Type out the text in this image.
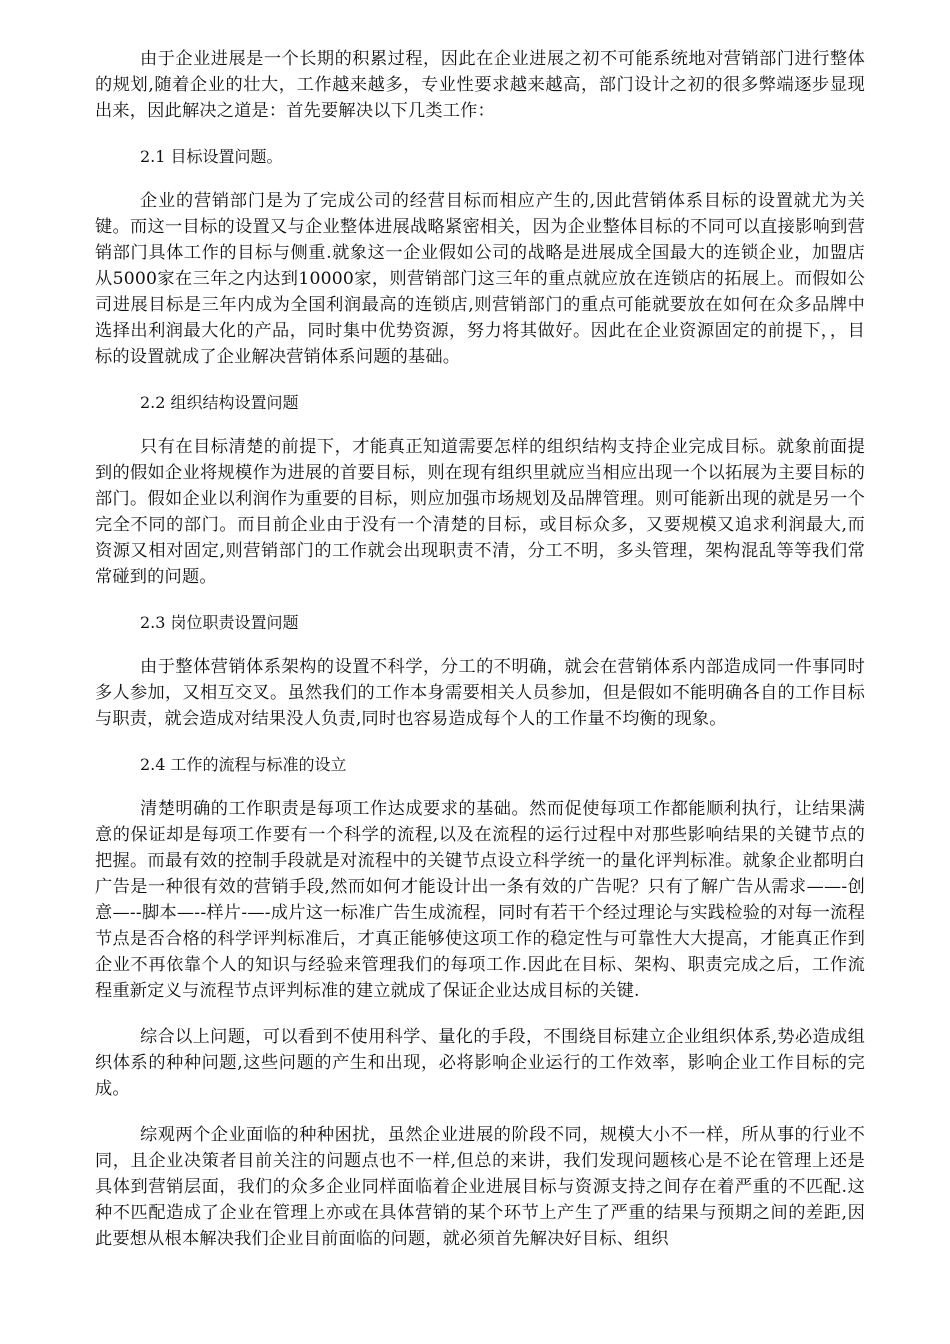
由于企业进展是一个长期的积累过程，因此在企业进展之初不可能系统地对营销部门进行整体的规划,随着企业的壮大，工作越来越多，专业性要求越来越高，部门设计之初的很多弊端逐步显现出来，因此解决之道是：首先要解决以下几类工作：

2.1 目标设置问题。

企业的营销部门是为了完成公司的经营目标而相应产生的,因此营销体系目标的设置就尤为关键。而这一目标的设置又与企业整体进展战略紧密相关，因为企业整体目标的不同可以直接影响到营销部门具体工作的目标与侧重.就象这一企业假如公司的战略是进展成全国最大的连锁企业，加盟店从5000家在三年之内达到10000家，则营销部门这三年的重点就应放在连锁店的拓展上。而假如公司进展目标是三年内成为全国利润最高的连锁店,则营销部门的重点可能就要放在如何在众多品牌中选择出利润最大化的产品，同时集中优势资源，努力将其做好。因此在企业资源固定的前提下，，目标的设置就成了企业解决营销体系问题的基础。

2.2 组织结构设置问题

只有在目标清楚的前提下，才能真正知道需要怎样的组织结构支持企业完成目标。就象前面提到的假如企业将规模作为进展的首要目标，则在现有组织里就应当相应出现一个以拓展为主要目标的部门。假如企业以利润作为重要的目标，则应加强市场规划及品牌管理。则可能新出现的就是另一个完全不同的部门。而目前企业由于没有一个清楚的目标，或目标众多，又要规模又追求利润最大,而资源又相对固定,则营销部门的工作就会出现职责不清，分工不明，多头管理，架构混乱等等我们常常碰到的问题。

2.3 岗位职责设置问题

由于整体营销体系架构的设置不科学，分工的不明确，就会在营销体系内部造成同一件事同时多人参加，又相互交叉。虽然我们的工作本身需要相关人员参加，但是假如不能明确各自的工作目标与职责，就会造成对结果没人负责,同时也容易造成每个人的工作量不均衡的现象。

2.4 工作的流程与标准的设立

清楚明确的工作职责是每项工作达成要求的基础。然而促使每项工作都能顺利执行，让结果满意的保证却是每项工作要有一个科学的流程,以及在流程的运行过程中对那些影响结果的关键节点的把握。而最有效的控制手段就是对流程中的关键节点设立科学统一的量化评判标准。就象企业都明白广告是一种很有效的营销手段,然而如何才能设计出一条有效的广告呢？只有了解广告从需求——-创意—--脚本—--样片-—-成片这一标准广告生成流程，同时有若干个经过理论与实践检验的对每一流程节点是否合格的科学评判标准后，才真正能够使这项工作的稳定性与可靠性大大提高，才能真正作到企业不再依靠个人的知识与经验来管理我们的每项工作.因此在目标、架构、职责完成之后，工作流程重新定义与流程节点评判标准的建立就成了保证企业达成目标的关键.

综合以上问题，可以看到不使用科学、量化的手段，不围绕目标建立企业组织体系,势必造成组织体系的种种问题,这些问题的产生和出现，必将影响企业运行的工作效率，影响企业工作目标的完成。

综观两个企业面临的种种困扰，虽然企业进展的阶段不同，规模大小不一样，所从事的行业不同，且企业决策者目前关注的问题点也不一样,但总的来讲，我们发现问题核心是不论在管理上还是具体到营销层面，我们的众多企业同样面临着企业进展目标与资源支持之间存在着严重的不匹配.这种不匹配造成了企业在管理上亦或在具体营销的某个环节上产生了严重的结果与预期之间的差距,因此要想从根本解决我们企业目前面临的问题，就必须首先解决好目标、组织
